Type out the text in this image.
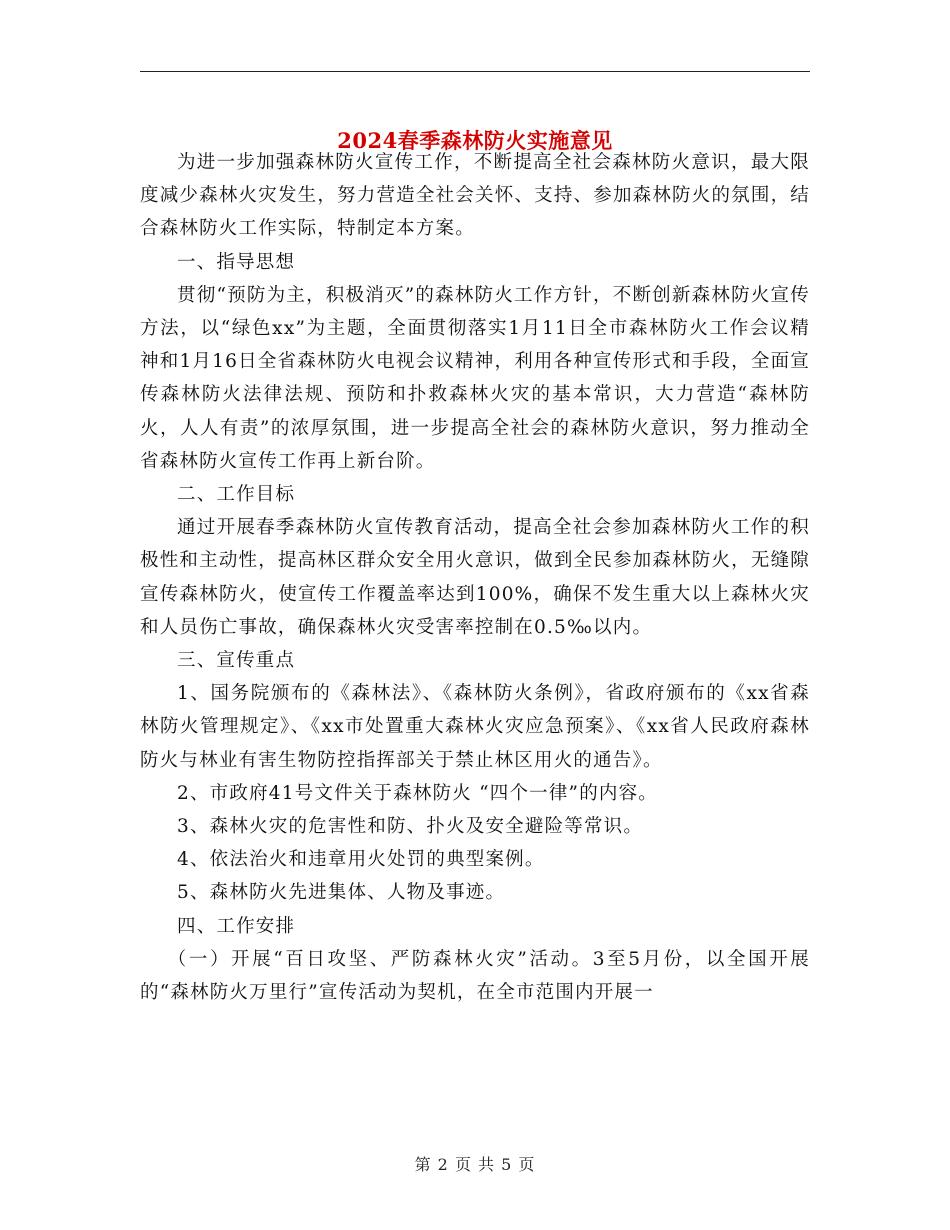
2024春季森林防火实施意见

为进一步加强森林防火宣传工作，不断提高全社会森林防火意识，最大限度减少森林火灾发生，努力营造全社会关怀、支持、参加森林防火的氛围，结合森林防火工作实际，特制定本方案。

一、指导思想

贯彻“预防为主，积极消灭”的森林防火工作方针，不断创新森林防火宣传方法，以“绿色xx”为主题，全面贯彻落实1月11日全市森林防火工作会议精神和1月16日全省森林防火电视会议精神，利用各种宣传形式和手段，全面宣传森林防火法律法规、预防和扑救森林火灾的基本常识，大力营造“森林防火，人人有责”的浓厚氛围，进一步提高全社会的森林防火意识，努力推动全省森林防火宣传工作再上新台阶。

二、工作目标

通过开展春季森林防火宣传教育活动，提高全社会参加森林防火工作的积极性和主动性，提高林区群众安全用火意识，做到全民参加森林防火，无缝隙宣传森林防火，使宣传工作覆盖率达到100%，确保不发生重大以上森林火灾和人员伤亡事故，确保森林火灾受害率控制在0.5‰以内。

三、宣传重点

1、国务院颁布的《森林法》、《森林防火条例》，省政府颁布的《xx省森林防火管理规定》、《xx市处置重大森林火灾应急预案》、《xx省人民政府森林防火与林业有害生物防控指挥部关于禁止林区用火的通告》。

2、市政府41号文件关于森林防火 “四个一律”的内容。

3、森林火灾的危害性和防、扑火及安全避险等常识。

4、依法治火和违章用火处罚的典型案例。

5、森林防火先进集体、人物及事迹。

四、工作安排

（一）开展“百日攻坚、严防森林火灾”活动。3至5月份，以全国开展的“森林防火万里行”宣传活动为契机，在全市范围内开展一

第 2 页 共 5 页
